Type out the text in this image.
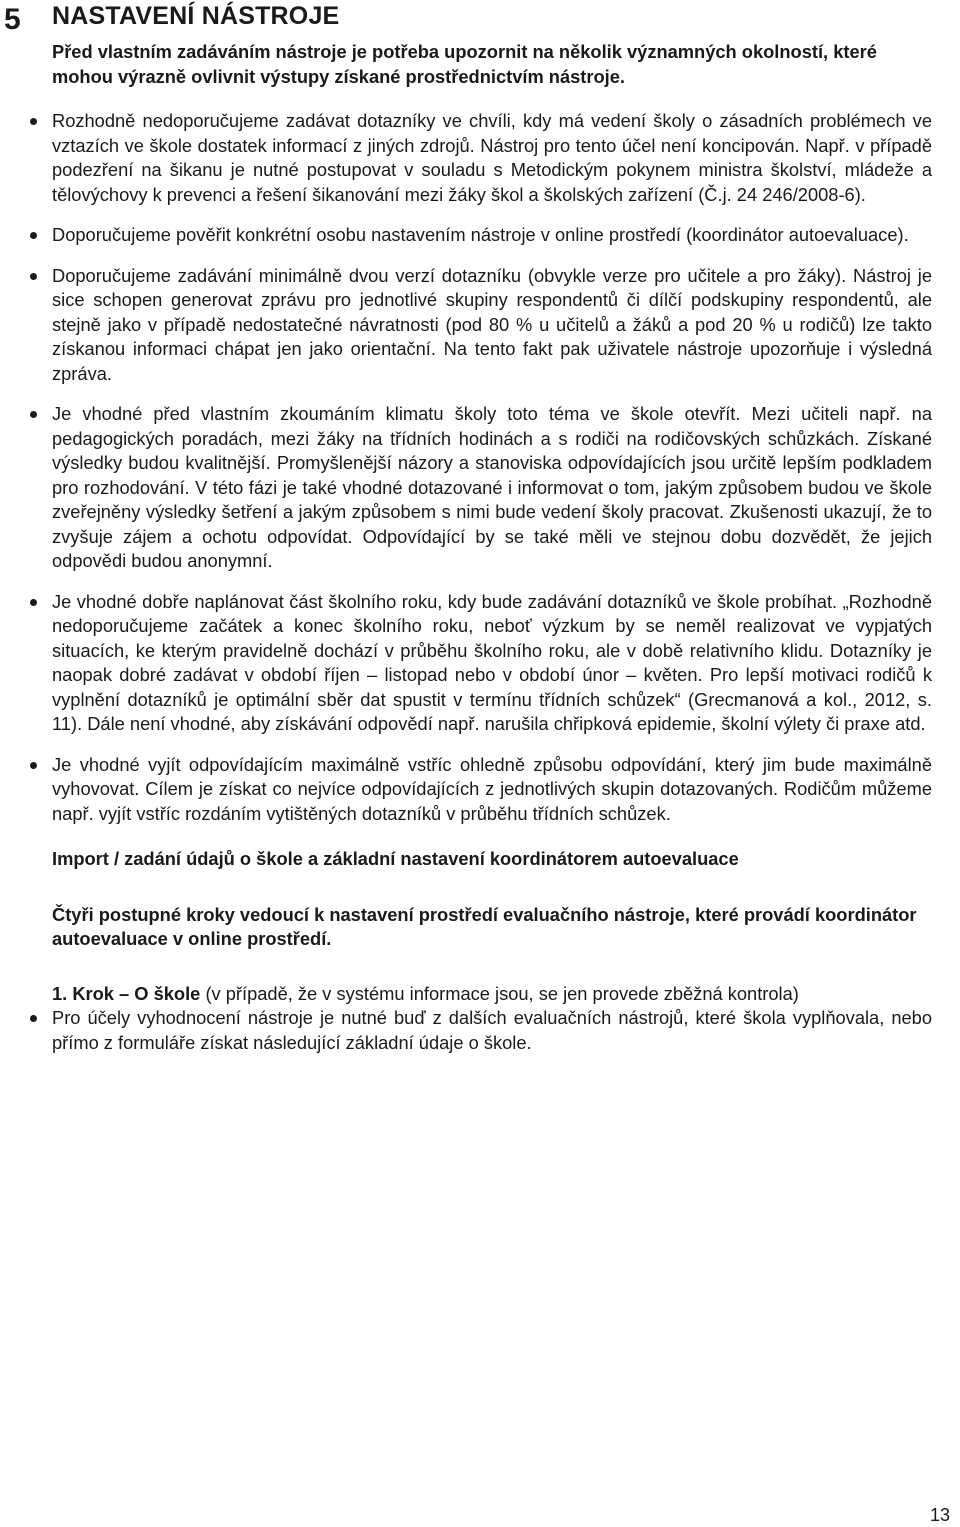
5 NASTAVENÍ NÁSTROJE

Před vlastním zadáváním nástroje je potřeba upozornit na několik významných okolností, které mohou výrazně ovlivnit výstupy získané prostřednictvím nástroje.

Rozhodně nedoporučujeme zadávat dotazníky ve chvíli, kdy má vedení školy o zásadních problémech ve vztazích ve škole dostatek informací z jiných zdrojů. Nástroj pro tento účel není koncipován. Např. v případě podezření na šikanu je nutné postupovat v souladu s Metodickým pokynem ministra školství, mládeže a tělovýchovy k prevenci a řešení šikanování mezi žáky škol a školských zařízení (Č.j. 24 246/2008-6).
Doporučujeme pověřit konkrétní osobu nastavením nástroje v online prostředí (koordinátor autoevaluace).
Doporučujeme zadávání minimálně dvou verzí dotazníku (obvykle verze pro učitele a pro žáky). Nástroj je sice schopen generovat zprávu pro jednotlivé skupiny respondentů či dílčí podskupiny respondentů, ale stejně jako v případě nedostatečné návratnosti (pod 80 % u učitelů a žáků a pod 20 % u rodičů) lze takto získanou informaci chápat jen jako orientační. Na tento fakt pak uživatele nástroje upozorňuje i výsledná zpráva.
Je vhodné před vlastním zkoumáním klimatu školy toto téma ve škole otevřít. Mezi učiteli např. na pedagogických poradách, mezi žáky na třídních hodinách a s rodiči na rodičovských schůzkách. Získané výsledky budou kvalitnější. Promyšlenější názory a stanoviska odpovídajících jsou určitě lepším podkladem pro rozhodování. V této fázi je také vhodné dotazované i informovat o tom, jakým způsobem budou ve škole zveřejněny výsledky šetření a jakým způsobem s nimi bude vedení školy pracovat. Zkušenosti ukazují, že to zvyšuje zájem a ochotu odpovídat. Odpovídající by se také měli ve stejnou dobu dozvědět, že jejich odpovědi budou anonymní.
Je vhodné dobře naplánovat část školního roku, kdy bude zadávání dotazníků ve škole probíhat. „Rozhodně nedoporučujeme začátek a konec školního roku, neboť výzkum by se neměl realizovat ve vypjatých situacích, ke kterým pravidelně dochází v průběhu školního roku, ale v době relativního klidu. Dotazníky je naopak dobré zadávat v období říjen – listopad nebo v období únor – květen. Pro lepší motivaci rodičů k vyplnění dotazníků je optimální sběr dat spustit v termínu třídních schůzek“ (Grecmanová a kol., 2012, s. 11). Dále není vhodné, aby získávání odpovědí např. narušila chřipková epidemie, školní výlety či praxe atd.
Je vhodné vyjít odpovídajícím maximálně vstříc ohledně způsobu odpovídání, který jim bude maximálně vyhovovat. Cílem je získat co nejvíce odpovídajících z jednotlivých skupin dotazovaných. Rodičům můžeme např. vyjít vstříc rozdáním vytištěných dotazníků v průběhu třídních schůzek.

Import / zadání údajů o škole a základní nastavení koordinátorem autoevaluace

Čtyři postupné kroky vedoucí k nastavení prostředí evaluačního nástroje, které provádí koordinátor autoevaluace v online prostředí.

1. Krok – O škole (v případě, že v systému informace jsou, se jen provede zběžná kontrola)

Pro účely vyhodnocení nástroje je nutné buď z dalších evaluačních nástrojů, které škola vyplňovala, nebo přímo z formuláře získat následující základní údaje o škole.
13
